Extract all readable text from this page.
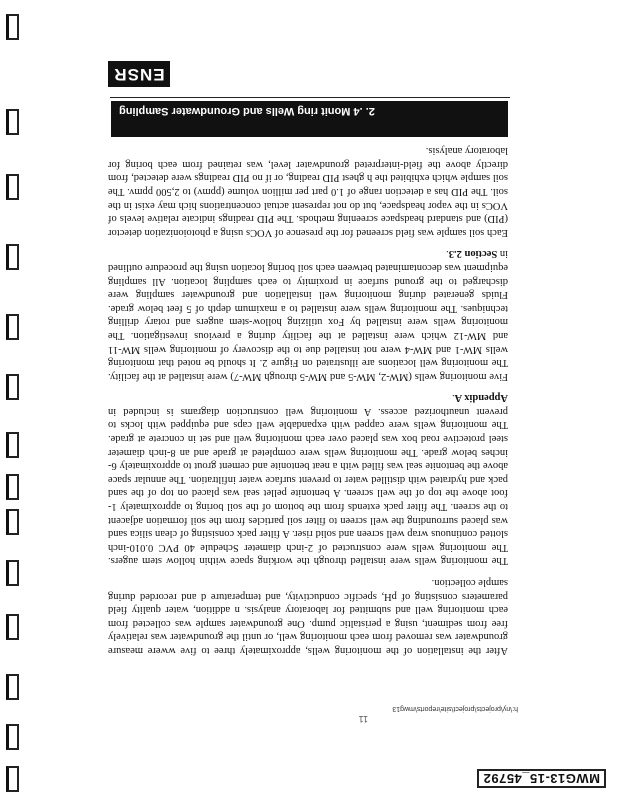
MWG13-15_45792
11
h:\ny\projects\project\site\reports\mwg13

After the installation of the monitoring wells, approximately three to five wwere measure groundwater was removed from each monitoring well, or until the groundwater was relatively free from sediment, using a peristaltic pump. One groundwater sample was collected from each monitoring well and submitted for laboratory analysis. n addition, water quality field parameters consisting of pH, specific conductivity, and temperature d and recorded during sample collection.

The monitoring wells were installed through the working space within hollow stem augers. The monitoring wells were constructed of 2-inch diameter Schedule 40 PVC 0.010-inch slotted continuous wrap well screen and solid riser. A filter pack consisting of clean silica sand was placed surrounding the well screen to filter soil particles from the soil formation adjacent to the screen. The filter pack extends from the bottom of the soil boring to approximately 1-foot above the top of the well screen. A bentonite pellet seal was placed on top of the sand pack and hydrated with distilled water to prevent surface water infiltration. The annular space above the bentonite seal was filled with a neat bentonite and cement grout to approximately 6-inches below grade. The monitoring wells were completed at grade and an 8-inch diameter steel protective road box was placed over each monitoring well and set in concrete at grade. The monitoring wells were capped with expandable well caps and equipped with locks to prevent unauthorized access. A monitoring well construction diagrams is included in Appendix A.

Five monitoring wells (MW-2, MW-5 and MW-5 through MW-7) were installed at the facility. The monitoring well locations are illustrated on Figure 2. It should be noted that monitoring wells MW-1 and MW-4 were not installed due to the discovery of monitoring wells MW-11 and MW-12 which were installed at the facility during a previous investigation. The monitoring wells were installed by Fox utilizing hollow-stem augers and rotary drilling techniques. The monitoring wells were installed to a maximum depth of 5 feet below grade. Fluids generated during monitoring well installation and groundwater sampling were discharged to the ground surface in proximity to each sampling location. All sampling equipment was decontaminated between each soil boring location using the procedure outlined in Section 2.3.

Each soil sample was field screened for the presence of VOCs using a photoionization detector (PID) and standard headspace screening methods. The PID readings indicate relative levels of VOCs in the vapor headspace, but do not represent actual concentrations hich may exist in the soil. The PID has a detection range of 1.0 part per million volume (ppmv) to 2,500 ppmv. The soil sample which exhibited the h ghest PID reading, or if no PID readings were detected, from directly above the field-interpreted groundwater level, was retained from each boring for laboratory analysis.

2. .4 Monit ring Wells and Groundwater Sampling
ENSR
